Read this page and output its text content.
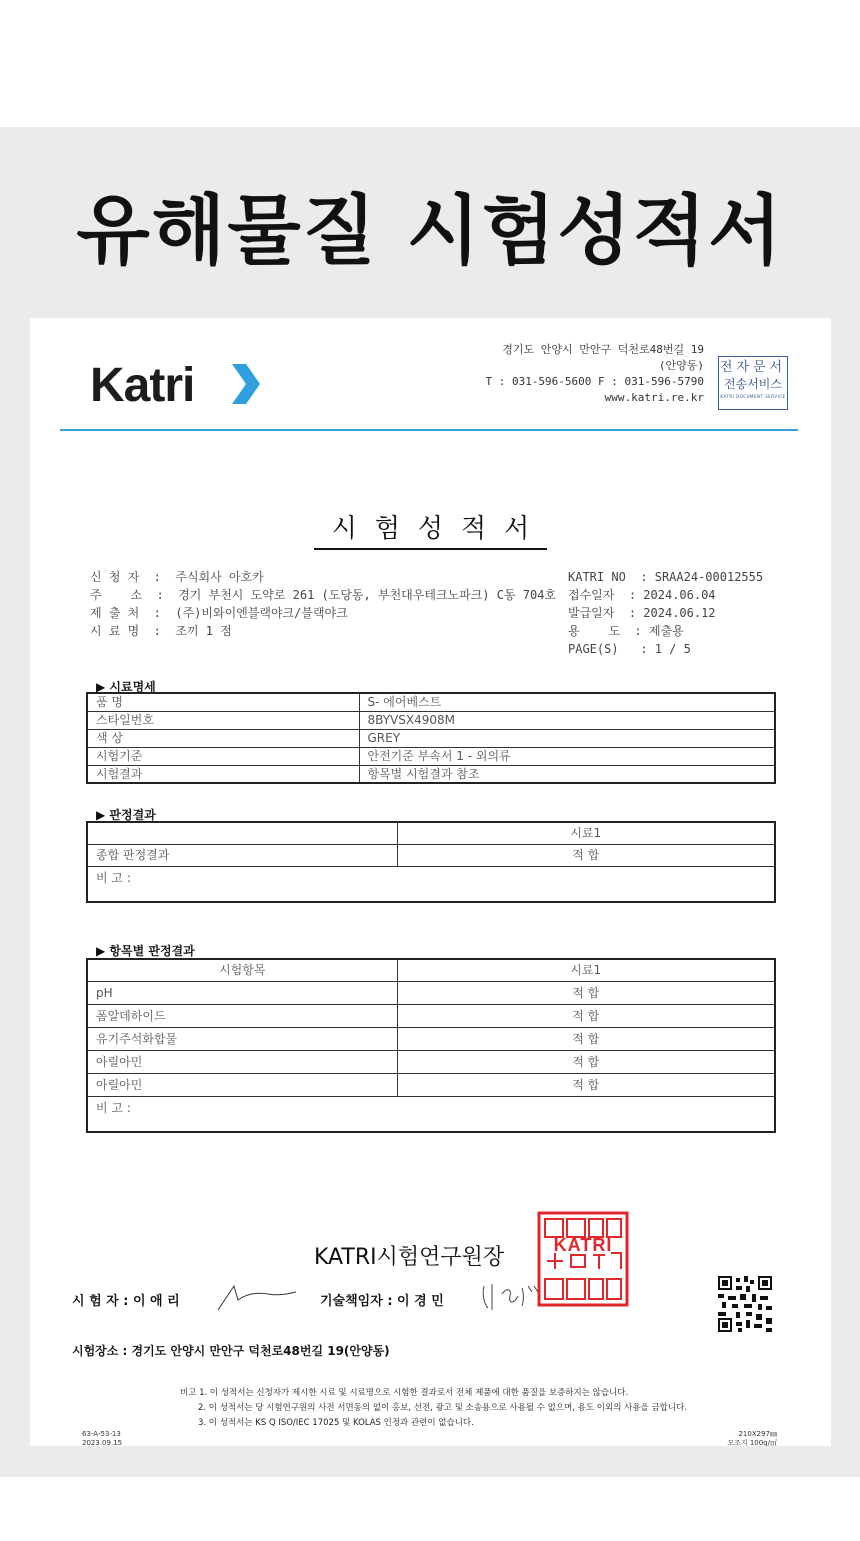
유해물질 시험성적서
Katri
경기도 안양시 만안구 덕천로48번길 19
(안양동)
T : 031-596-5600 F : 031-596-5790
www.katri.re.kr
전자문서
전송서비스
KATRI DOCUMENT SERVICE
시험성적서
신 청 자 : 주식회사 아호카
주    소 : 경기 부천시 도약로 261 (도당동, 부천대우테크노파크) C동 704호
제 출 처 : (주)비와이엔블랙야크/블랙야크
시 료 명 : 조끼 1 점
KATRI NO : SRAA24-00012555
접수일자 : 2024.06.04
발급일자 : 2024.06.12
용    도 : 제출용
PAGE(S) : 1 / 5
▶ 시료명세
품 명	S- 에어베스트
스타일번호	8BYVSX4908M
색 상	GREY
시험기준	안전기준 부속서 1 - 외의류
시험결과	항목별 시험결과 참조
▶ 판정결과
	시료1
종합 판정결과	적 합
비 고 :	
▶ 항목별 판정결과
시험항목	시료1
pH	적 합
폼알데하이드	적 합
유기주석화합물	적 합
아릴아민	적 합
아릴아민	적 합
비 고 :	
KATRI시험연구원장	KATRI
시 험 자 : 이 애 리	기술책임자 : 이 경 민
시험장소 : 경기도 안양시 만안구 덕천로48번길 19(안양동)
비고 1. 이 성적서는 신청자가 제시한 시료 및 시료명으로 시험한 결과로서 전체 제품에 대한 품질을 보증하지는 않습니다.
2. 이 성적서는 당 시험연구원의 사전 서면동의 없이 홍보, 선전, 광고 및 소송용으로 사용될 수 없으며, 용도 이외의 사용을 금합니다.
3. 이 성적서는 KS Q ISO/IEC 17025 및 KOLAS 인정과 관련이 없습니다.
63-A-53-13
2023.09.15
210X297㎜
모조지 100g/㎡
